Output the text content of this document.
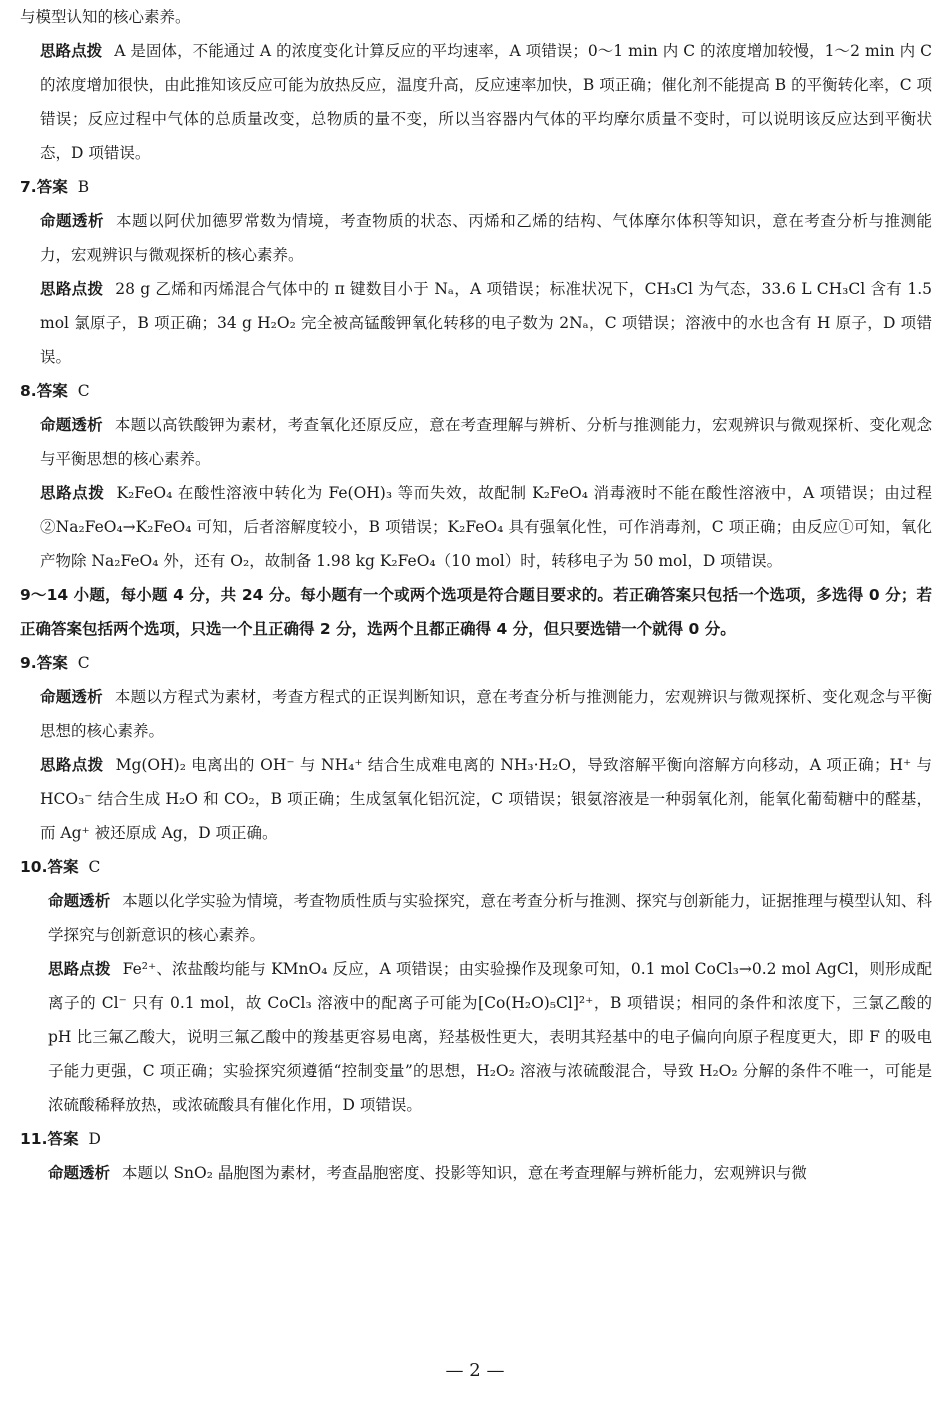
与模型认知的核心素养。

思路点拨 A 是固体，不能通过 A 的浓度变化计算反应的平均速率，A 项错误；0～1 min 内 C 的浓度增加较慢，1～2 min 内 C 的浓度增加很快，由此推知该反应可能为放热反应，温度升高，反应速率加快，B 项正确；催化剂不能提高 B 的平衡转化率，C 项错误；反应过程中气体的总质量改变，总物质的量不变，所以当容器内气体的平均摩尔质量不变时，可以说明该反应达到平衡状态，D 项错误。

7.答案 B

命题透析 本题以阿伏加德罗常数为情境，考查物质的状态、丙烯和乙烯的结构、气体摩尔体积等知识，意在考查分析与推测能力，宏观辨识与微观探析的核心素养。

思路点拨 28 g 乙烯和丙烯混合气体中的 π 键数目小于 Nₐ，A 项错误；标准状况下，CH₃Cl 为气态，33.6 L CH₃Cl 含有 1.5 mol 氯原子，B 项正确；34 g H₂O₂ 完全被高锰酸钾氧化转移的电子数为 2Nₐ，C 项错误；溶液中的水也含有 H 原子，D 项错误。

8.答案 C

命题透析 本题以高铁酸钾为素材，考查氧化还原反应，意在考查理解与辨析、分析与推测能力，宏观辨识与微观探析、变化观念与平衡思想的核心素养。

思路点拨 K₂FeO₄ 在酸性溶液中转化为 Fe(OH)₃ 等而失效，故配制 K₂FeO₄ 消毒液时不能在酸性溶液中，A 项错误；由过程②Na₂FeO₄→K₂FeO₄ 可知，后者溶解度较小，B 项错误；K₂FeO₄ 具有强氧化性，可作消毒剂，C 项正确；由反应①可知，氧化产物除 Na₂FeO₄ 外，还有 O₂，故制备 1.98 kg K₂FeO₄（10 mol）时，转移电子为 50 mol，D 项错误。

9～14 小题，每小题 4 分，共 24 分。每小题有一个或两个选项是符合题目要求的。若正确答案只包括一个选项，多选得 0 分；若正确答案包括两个选项，只选一个且正确得 2 分，选两个且都正确得 4 分，但只要选错一个就得 0 分。

9.答案 C

命题透析 本题以方程式为素材，考查方程式的正误判断知识，意在考查分析与推测能力，宏观辨识与微观探析、变化观念与平衡思想的核心素养。

思路点拨 Mg(OH)₂ 电离出的 OH⁻ 与 NH₄⁺ 结合生成难电离的 NH₃·H₂O，导致溶解平衡向溶解方向移动，A 项正确；H⁺ 与 HCO₃⁻ 结合生成 H₂O 和 CO₂，B 项正确；生成氢氧化铝沉淀，C 项错误；银氨溶液是一种弱氧化剂，能氧化葡萄糖中的醛基，而 Ag⁺ 被还原成 Ag，D 项正确。

10.答案 C

命题透析 本题以化学实验为情境，考查物质性质与实验探究，意在考查分析与推测、探究与创新能力，证据推理与模型认知、科学探究与创新意识的核心素养。

思路点拨 Fe²⁺、浓盐酸均能与 KMnO₄ 反应，A 项错误；由实验操作及现象可知，0.1 mol CoCl₃→0.2 mol AgCl，则形成配离子的 Cl⁻ 只有 0.1 mol，故 CoCl₃ 溶液中的配离子可能为[Co(H₂O)₅Cl]²⁺，B 项错误；相同的条件和浓度下，三氯乙酸的 pH 比三氟乙酸大，说明三氟乙酸中的羧基更容易电离，羟基极性更大，表明其羟基中的电子偏向向原子程度更大，即 F 的吸电子能力更强，C 项正确；实验探究须遵循“控制变量”的思想，H₂O₂ 溶液与浓硫酸混合，导致 H₂O₂ 分解的条件不唯一，可能是浓硫酸稀释放热，或浓硫酸具有催化作用，D 项错误。

11.答案 D

命题透析 本题以 SnO₂ 晶胞图为素材，考查晶胞密度、投影等知识，意在考查理解与辨析能力，宏观辨识与微

— 2 —
